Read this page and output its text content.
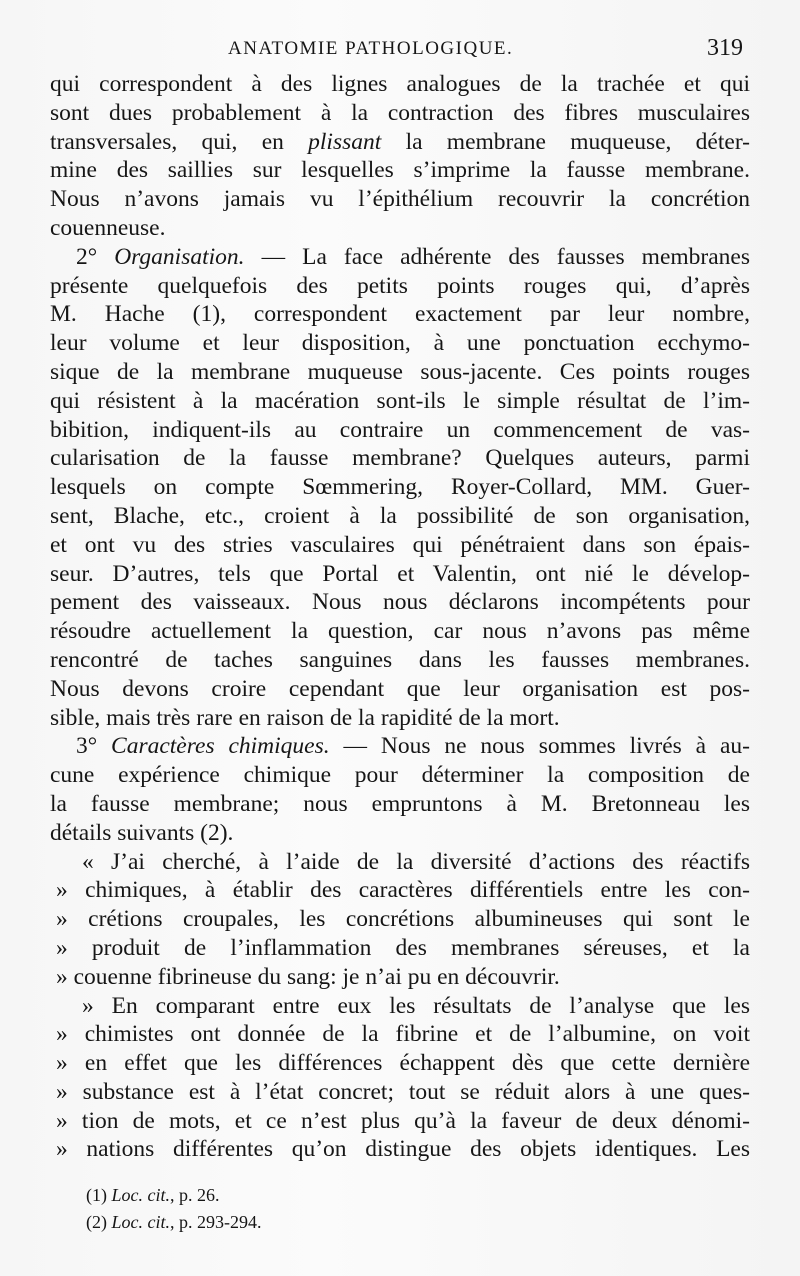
ANATOMIE PATHOLOGIQUE.	319
qui correspondent à des lignes analogues de la trachée et qui
sont dues probablement à la contraction des fibres musculaires
transversales, qui, en plissant la membrane muqueuse, déter-
mine des saillies sur lesquelles s’imprime la fausse membrane.
Nous n’avons jamais vu l’épithélium recouvrir la concrétion
couenneuse.
2° Organisation. — La face adhérente des fausses membranes
présente quelquefois des petits points rouges qui, d’après
M. Hache (1), correspondent exactement par leur nombre,
leur volume et leur disposition, à une ponctuation ecchymo-
sique de la membrane muqueuse sous-jacente. Ces points rouges
qui résistent à la macération sont-ils le simple résultat de l’im-
bibition, indiquent-ils au contraire un commencement de vas-
cularisation de la fausse membrane? Quelques auteurs, parmi
lesquels on compte Sœmmering, Royer-Collard, MM. Guer-
sent, Blache, etc., croient à la possibilité de son organisation,
et ont vu des stries vasculaires qui pénétraient dans son épais-
seur. D’autres, tels que Portal et Valentin, ont nié le dévelop-
pement des vaisseaux. Nous nous déclarons incompétents pour
résoudre actuellement la question, car nous n’avons pas même
rencontré de taches sanguines dans les fausses membranes.
Nous devons croire cependant que leur organisation est pos-
sible, mais très rare en raison de la rapidité de la mort.
3° Caractères chimiques. — Nous ne nous sommes livrés à au-
cune expérience chimique pour déterminer la composition de
la fausse membrane; nous empruntons à M. Bretonneau les
détails suivants (2).
« J’ai cherché, à l’aide de la diversité d’actions des réactifs
» chimiques, à établir des caractères différentiels entre les con-
» crétions croupales, les concrétions albumineuses qui sont le
» produit de l’inflammation des membranes séreuses, et la
» couenne fibrineuse du sang: je n’ai pu en découvrir.
» En comparant entre eux les résultats de l’analyse que les
» chimistes ont donnée de la fibrine et de l’albumine, on voit
» en effet que les différences échappent dès que cette dernière
» substance est à l’état concret; tout se réduit alors à une ques-
» tion de mots, et ce n’est plus qu’à la faveur de deux dénomi-
» nations différentes qu’on distingue des objets identiques. Les
(1) Loc. cit., p. 26.
(2) Loc. cit., p. 293-294.
